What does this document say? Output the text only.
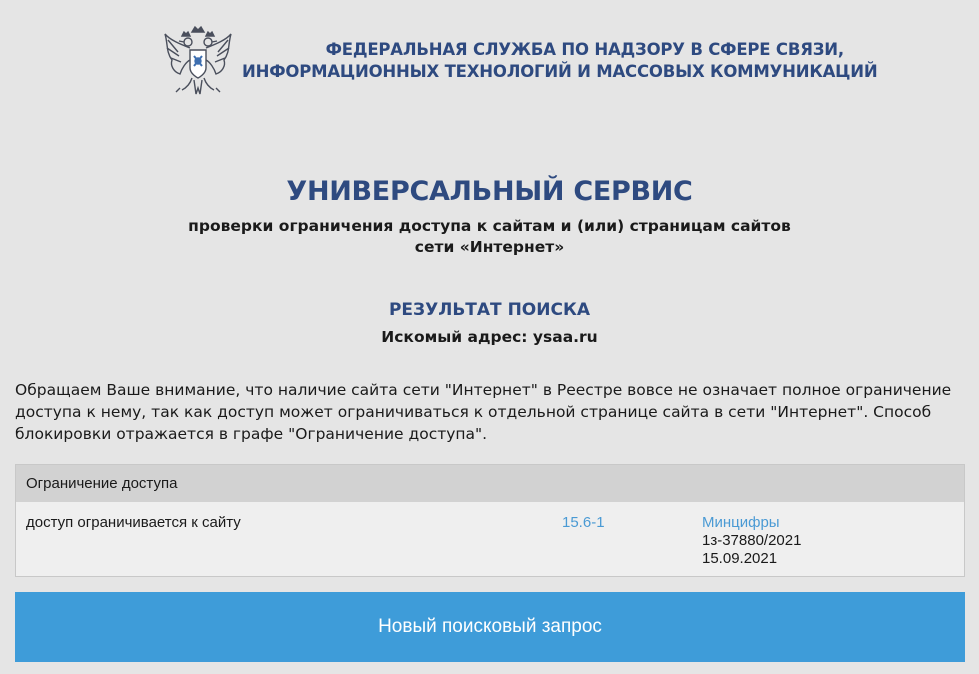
ФЕДЕРАЛЬНАЯ СЛУЖБА ПО НАДЗОРУ В СФЕРЕ СВЯЗИ,
ИНФОРМАЦИОННЫХ ТЕХНОЛОГИЙ И МАССОВЫХ КОММУНИКАЦИЙ
УНИВЕРСАЛЬНЫЙ СЕРВИС
проверки ограничения доступа к сайтам и (или) страницам сайтов
сети «Интернет»
РЕЗУЛЬТАТ ПОИСКА
Искомый адрес: ysaa.ru
Обращаем Ваше внимание, что наличие сайта сети "Интернет" в Реестре вовсе не означает полное ограничение доступа к нему, так как доступ может ограничиваться к отдельной странице сайта в сети "Интернет". Способ блокировки отражается в графе "Ограничение доступа".
Ограничение доступа
доступ ограничивается к сайту	15.6-1	Минцифры
1з-37880/2021
15.09.2021
Новый поисковый запрос
